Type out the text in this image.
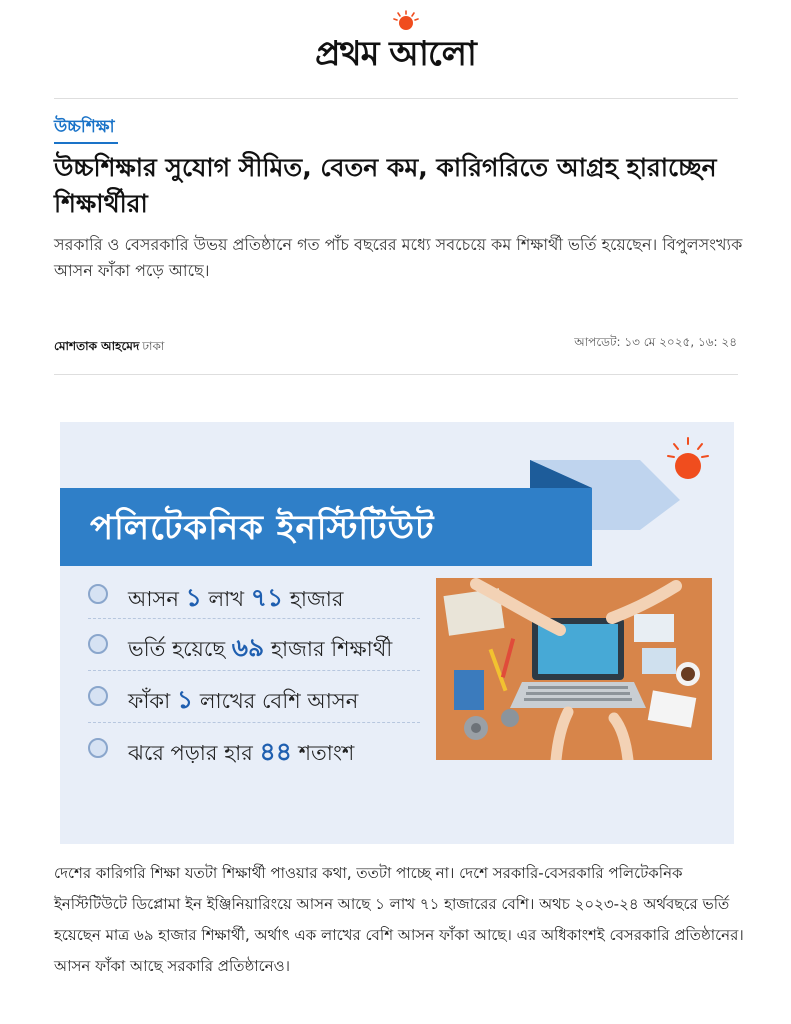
প্রথম আলো
উচ্চশিক্ষা
উচ্চশিক্ষার সুযোগ সীমিত, বেতন কম, কারিগরিতে আগ্রহ হারাচ্ছেন শিক্ষার্থীরা

সরকারি ও বেসরকারি উভয় প্রতিষ্ঠানে গত পাঁচ বছরের মধ্যে সবচেয়ে কম শিক্ষার্থী ভর্তি হয়েছেন। বিপুলসংখ্যক আসন ফাঁকা পড়ে আছে।

মোশতাক আহমেদ ঢাকা	আপডেট: ১৩ মে ২০২৫, ১৬: ২৪
পলিটেকনিক ইনস্টিটিউট
আসন ১ লাখ ৭১ হাজার
ভর্তি হয়েছে ৬৯ হাজার শিক্ষার্থী
ফাঁকা ১ লাখের বেশি আসন
ঝরে পড়ার হার ৪৪ শতাংশ

দেশের কারিগরি শিক্ষা যতটা শিক্ষার্থী পাওয়ার কথা, ততটা পাচ্ছে না। দেশে সরকারি-বেসরকারি পলিটেকনিক ইনস্টিটিউটে ডিপ্লোমা ইন ইঞ্জিনিয়ারিংয়ে আসন আছে ১ লাখ ৭১ হাজারের বেশি। অথচ ২০২৩-২৪ অর্থবছরে ভর্তি হয়েছেন মাত্র ৬৯ হাজার শিক্ষার্থী, অর্থাৎ এক লাখের বেশি আসন ফাঁকা আছে। এর অধিকাংশই বেসরকারি প্রতিষ্ঠানের। আসন ফাঁকা আছে সরকারি প্রতিষ্ঠানেও।
